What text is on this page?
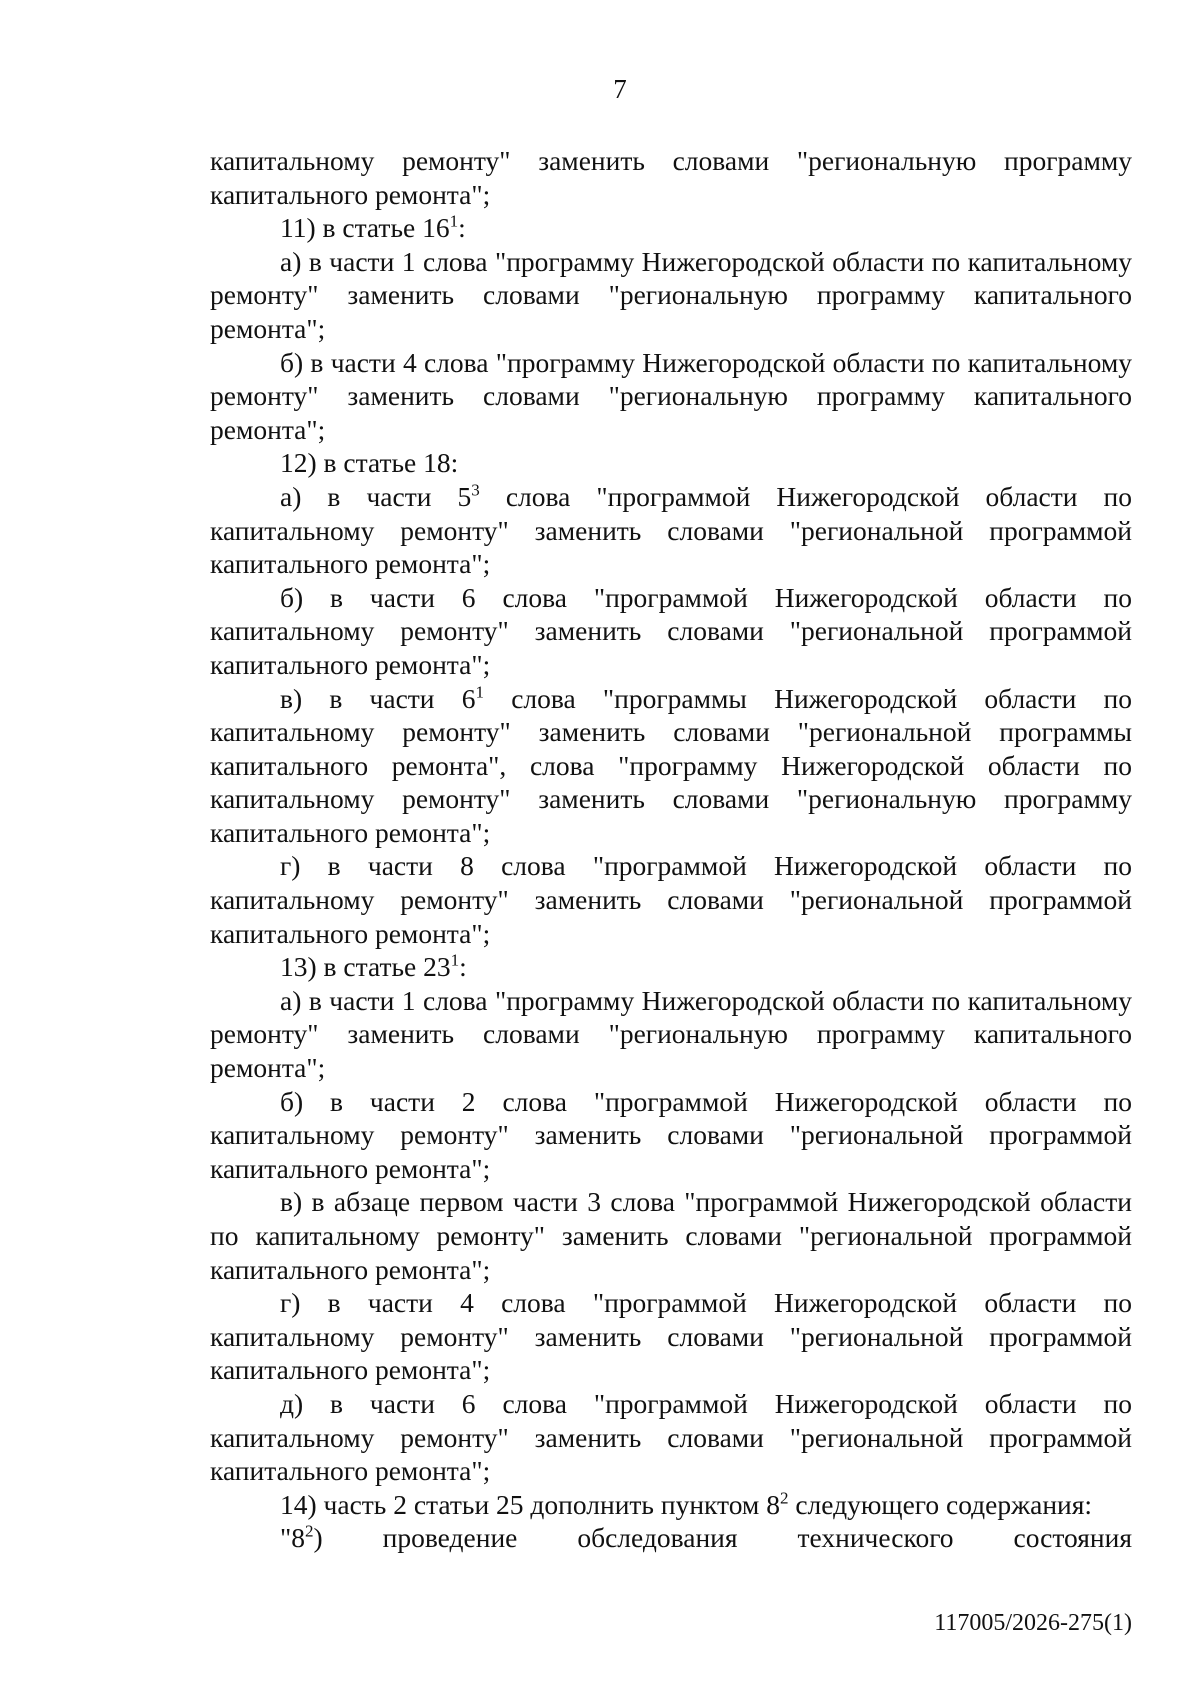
7

капитальному ремонту" заменить словами "региональную программу капитального ремонта";

11) в статье $16^1$:

а) в части 1 слова "программу Нижегородской области по капитальному ремонту" заменить словами "региональную программу капитального ремонта";

б) в части 4 слова "программу Нижегородской области по капитальному ремонту" заменить словами "региональную программу капитального ремонта";

12) в статье 18:

а) в части $5^3$ слова "программой Нижегородской области по капитальному ремонту" заменить словами "региональной программой капитального ремонта";

б) в части 6 слова "программой Нижегородской области по капитальному ремонту" заменить словами "региональной программой капитального ремонта";

в) в части $6^1$ слова "программы Нижегородской области по капитальному ремонту" заменить словами "региональной программы капитального ремонта", слова "программу Нижегородской области по капитальному ремонту" заменить словами "региональную программу капитального ремонта";

г) в части 8 слова "программой Нижегородской области по капитальному ремонту" заменить словами "региональной программой капитального ремонта";

13) в статье $23^1$:

а) в части 1 слова "программу Нижегородской области по капитальному ремонту" заменить словами "региональную программу капитального ремонта";

б) в части 2 слова "программой Нижегородской области по капитальному ремонту" заменить словами "региональной программой капитального ремонта";

в) в абзаце первом части 3 слова "программой Нижегородской области по капитальному ремонту" заменить словами "региональной программой капитального ремонта";

г) в части 4 слова "программой Нижегородской области по капитальному ремонту" заменить словами "региональной программой капитального ремонта";

д) в части 6 слова "программой Нижегородской области по капитальному ремонту" заменить словами "региональной программой капитального ремонта";

14) часть 2 статьи 25 дополнить пунктом $8^2$ следующего содержания:

"$8^2$) проведение обследования технического состояния

117005/2026-275(1)
